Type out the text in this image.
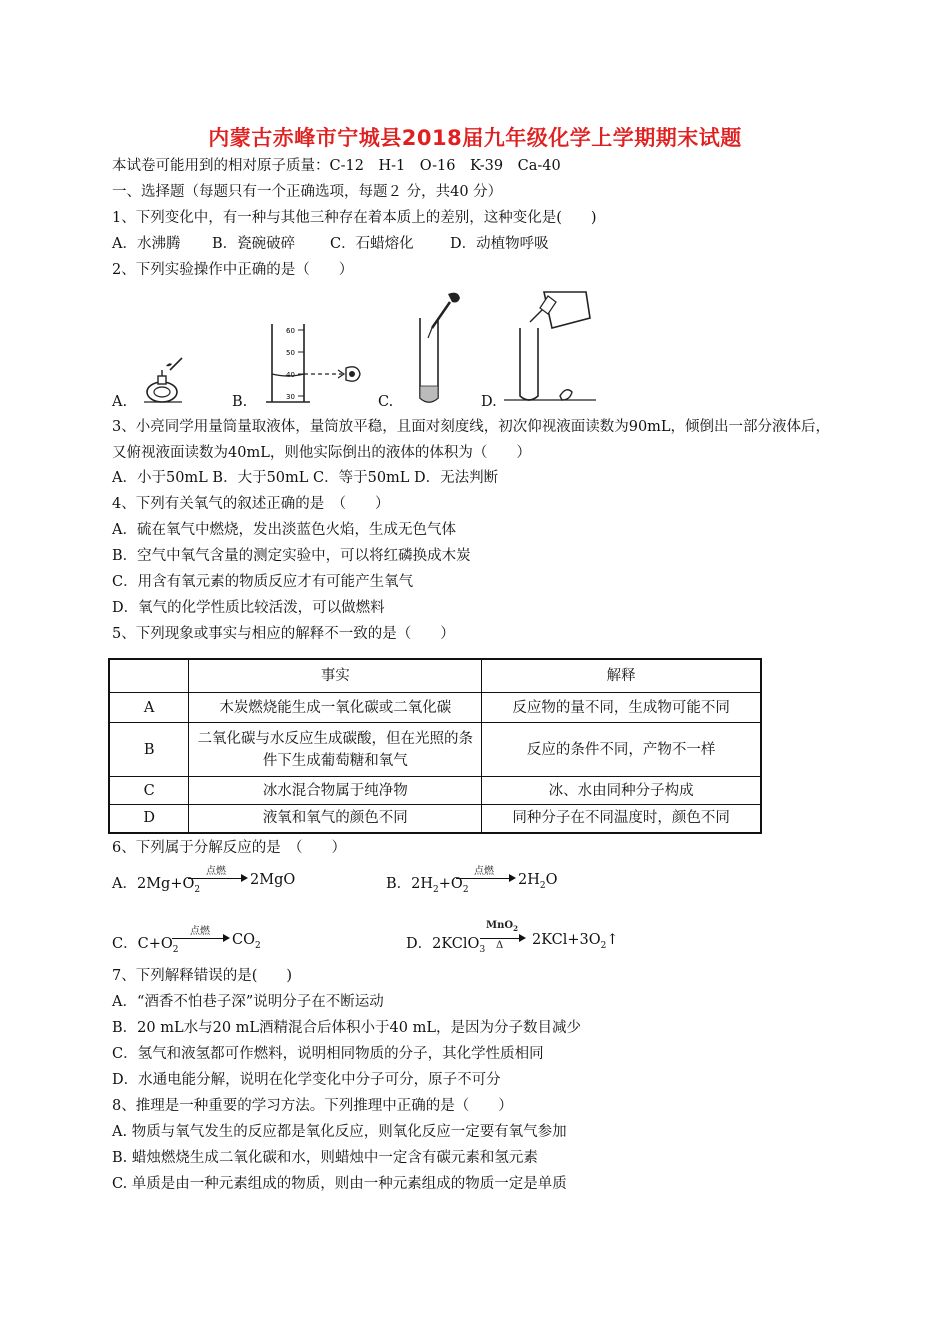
内蒙古赤峰市宁城县2018届九年级化学上学期期末试题
本试卷可能用到的相对原子质量：C-12　H-1　O-16　K-39　Ca-40
一、选择题（每题只有一个正确选项，每题２ 分，共40 分）
1、下列变化中，有一种与其他三种存在着本质上的差别，这种变化是(　　)
A．水沸腾 B．瓷碗破碎 C．石蜡熔化	D．动植物呼吸
2、下列实验操作中正确的是（　　）
A.	B.	C.	D.
60
50
40
30
3、小亮同学用量筒量取液体，量筒放平稳，且面对刻度线，初次仰视液面读数为90mL，倾倒出一部分液体后，又俯视液面读数为40mL，则他实际倒出的液体的体积为（　　）
A．小于50mL B．大于50mL C．等于50mL D．无法判断
4、下列有关氧气的叙述正确的是　（　　）
A．硫在氧气中燃烧，发出淡蓝色火焰，生成无色气体
B．空气中氧气含量的测定实验中，可以将红磷换成木炭
C．用含有氧元素的物质反应才有可能产生氧气
D．氧气的化学性质比较活泼，可以做燃料
5、下列现象或事实与相应的解释不一致的是（　　）
	事实	解释
A	木炭燃烧能生成一氧化碳或二氧化碳	反应物的量不同，生成物可能不同
B	二氧化碳与水反应生成碳酸，但在光照的条件下生成葡萄糖和氧气	反应的条件不同，产物不一样
C	冰水混合物属于纯净物	冰、水由同种分子构成
D	液氧和氧气的颜色不同	同种分子在不同温度时，颜色不同
6、下列属于分解反应的是　（　　）
A．$2Mg+O_2$
点燃
→ 2MgO	B．$2H_2+O_2$
点燃
→ $2H_2O$
C．$C+O_2$
点燃
→ $CO_2$	D．2KClO$_3$
MnO$_2$
Δ $2KCl+3O_2↑$
7、下列解释错误的是(　　)
A．“酒香不怕巷子深”说明分子在不断运动
B．20 mL水与20 mL酒精混合后体积小于40 mL，是因为分子数目减少
C．氢气和液氢都可作燃料，说明相同物质的分子，其化学性质相同
D．水通电能分解，说明在化学变化中分子可分，原子不可分
8、推理是一种重要的学习方法。下列推理中正确的是（　　）
A. 物质与氧气发生的反应都是氧化反应，则氧化反应一定要有氧气参加
B. 蜡烛燃烧生成二氧化碳和水，则蜡烛中一定含有碳元素和氢元素
C. 单质是由一种元素组成的物质，则由一种元素组成的物质一定是单质
